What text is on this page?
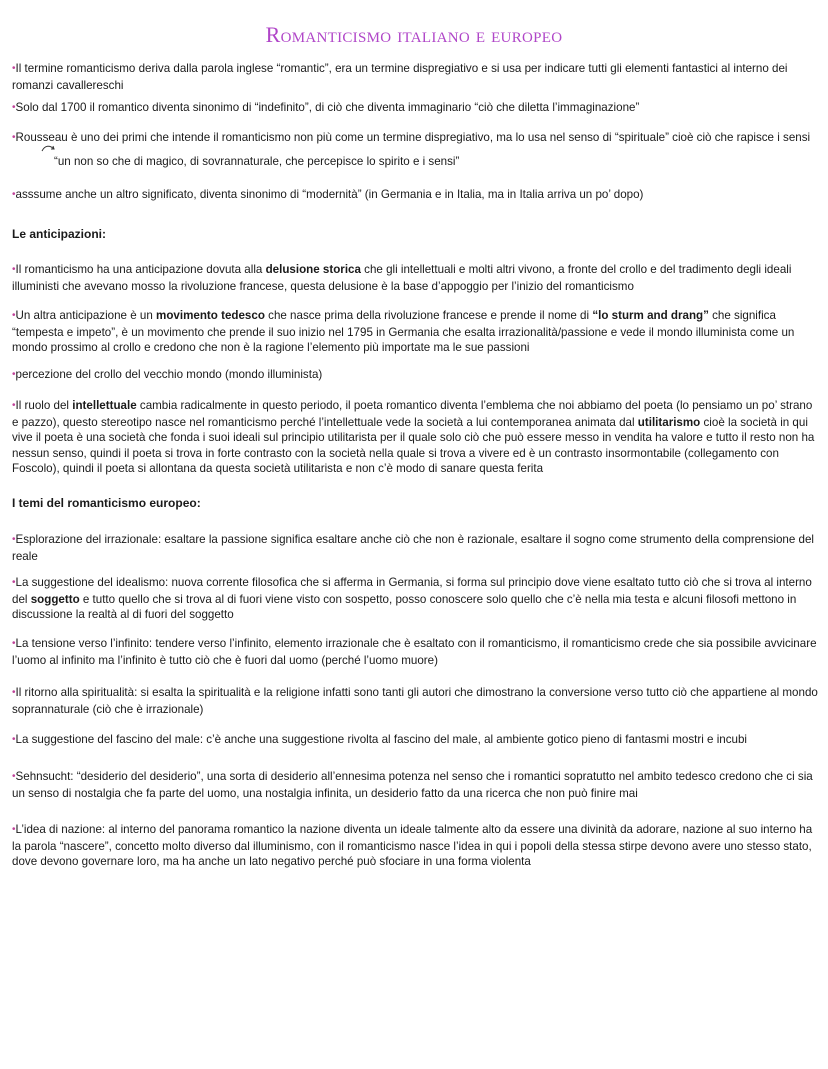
Romanticismo italiano e europeo

•Il termine romanticismo deriva dalla parola inglese “romantic”, era un termine dispregiativo e si usa per indicare tutti gli elementi fantastici al interno dei romanzi cavallereschi

•Solo dal 1700 il romantico diventa sinonimo di “indefinito”, di ciò che diventa immaginario “ciò che diletta l’immaginazione”

•Rousseau è uno dei primi che intende il romanticismo non più come un termine dispregiativo, ma lo usa nel senso di “spirituale” cioè ciò che rapisce i sensi

“un non so che di magico, di sovrannaturale, che percepisce lo spirito e i sensi”

•asssume anche un altro significato, diventa sinonimo di “modernità” (in Germania e in Italia, ma in Italia arriva un po’ dopo)

Le anticipazioni:

•Il romanticismo ha una anticipazione dovuta alla delusione storica che gli intellettuali e molti altri vivono, a fronte del crollo e del tradimento degli ideali illuministi che avevano mosso la rivoluzione francese, questa delusione è la base d’appoggio per l’inizio del romanticismo

•Un altra anticipazione è un movimento tedesco che nasce prima della rivoluzione francese e prende il nome di “lo sturm and drang” che significa “tempesta e impeto”, è un movimento che prende il suo inizio nel 1795 in Germania che esalta irrazionalità/passione e vede il mondo illuminista come un mondo prossimo al crollo e credono che non è la ragione l’elemento più importate ma le sue passioni

•percezione del crollo del vecchio mondo (mondo illuminista)

•Il ruolo del intellettuale cambia radicalmente in questo periodo, il poeta romantico diventa l’emblema che noi abbiamo del poeta (lo pensiamo un po’ strano e pazzo), questo stereotipo nasce nel romanticismo perché l’intellettuale vede la società a lui contemporanea animata dal utilitarismo cioè la società in qui vive il poeta è una società che fonda i suoi ideali sul principio utilitarista per il quale solo ciò che può essere messo in vendita ha valore e tutto il resto non ha nessun senso, quindi il poeta si trova in forte contrasto con la società nella quale si trova a vivere ed è un contrasto insormontabile (collegamento con Foscolo), quindi il poeta si allontana da questa società utilitarista e non c’è modo di sanare questa ferita

I temi del romanticismo europeo:

•Esplorazione del irrazionale: esaltare la passione significa esaltare anche ciò che non è razionale, esaltare il sogno come strumento della comprensione del reale

•La suggestione del idealismo: nuova corrente filosofica che si afferma in Germania, si forma sul principio dove viene esaltato tutto ciò che si trova al interno del soggetto e tutto quello che si trova al di fuori viene visto con sospetto, posso conoscere solo quello che c’è nella mia testa e alcuni filosofi mettono in discussione la realtà al di fuori del soggetto

•La tensione verso l’infinito: tendere verso l’infinito, elemento irrazionale che è esaltato con il romanticismo, il romanticismo crede che sia possibile avvicinare l’uomo al infinito ma l’infinito è tutto ciò che è fuori dal uomo (perché l’uomo muore)

•Il ritorno alla spiritualità: si esalta la spiritualità e la religione infatti sono tanti gli autori che dimostrano la conversione verso tutto ciò che appartiene al mondo soprannaturale (ciò che è irrazionale)

•La suggestione del fascino del male: c’è anche una suggestione rivolta al fascino del male, al ambiente gotico pieno di fantasmi mostri e incubi

•Sehnsucht: “desiderio del desiderio”, una sorta di desiderio all’ennesima potenza nel senso che i romantici sopratutto nel ambito tedesco credono che ci sia un senso di nostalgia che fa parte del uomo, una nostalgia infinita, un desiderio fatto da una ricerca che non può finire mai

•L’idea di nazione: al interno del panorama romantico la nazione diventa un ideale talmente alto da essere una divinità da adorare, nazione al suo interno ha la parola “nascere”, concetto molto diverso dal illuminismo, con il romanticismo nasce l’idea in qui i popoli della stessa stirpe devono avere uno stesso stato, dove devono governare loro, ma ha anche un lato negativo perché può sfociare in una forma violenta
